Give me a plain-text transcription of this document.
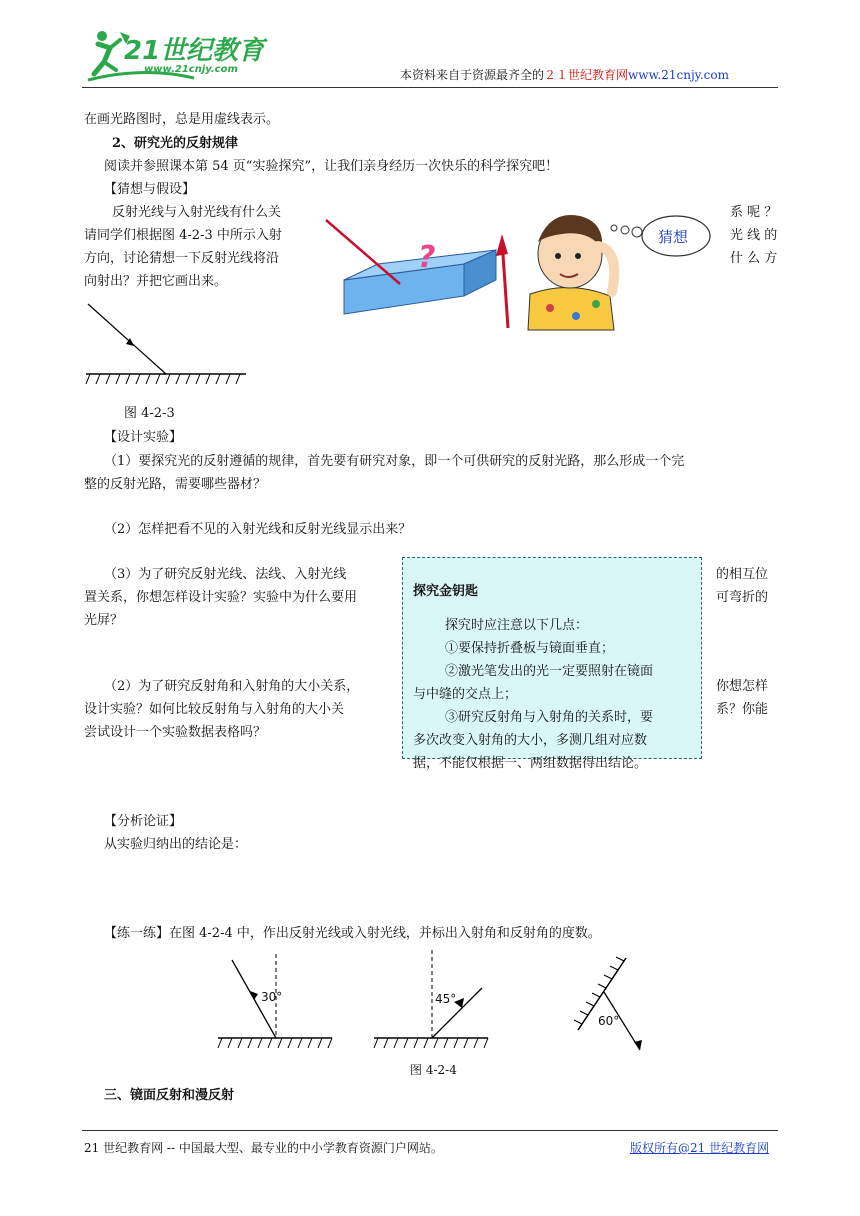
21世纪教育
www.21cnjy.com	本资料来自于资源最齐全的２１世纪教育网www.21cnjy.com
在画光路图时，总是用虚线表示。
2、研究光的反射规律
阅读并参照课本第 54 页“实验探究”，让我们亲身经历一次快乐的科学探究吧！
【猜想与假设】
反射光线与入射光线有什么关
请同学们根据图 4-2-3 中所示入射
方向，讨论猜想一下反射光线将沿
向射出？并把它画出来。
系 呢 ？
光 线 的
什 么 方
?
猜想
图 4-2-3
【设计实验】
（1）要探究光的反射遵循的规律，首先要有研究对象，即一个可供研究的反射光路，那么形成一个完
整的反射光路，需要哪些器材？
（2）怎样把看不见的入射光线和反射光线显示出来？
（3）为了研究反射光线、法线、入射光线
置关系，你想怎样设计实验？实验中为什么要用
光屏？
的相互位
可弯折的
（2）为了研究反射角和入射角的大小关系，
设计实验？如何比较反射角与入射角的大小关
尝试设计一个实验数据表格吗？
你想怎样
系？你能
探究金钥匙
探究时应注意以下几点：
①要保持折叠板与镜面垂直；
②激光笔发出的光一定要照射在镜面
与中缝的交点上；
③研究反射角与入射角的关系时，要
多次改变入射角的大小，多测几组对应数
据，不能仅根据一、两组数据得出结论。
【分析论证】
从实验归纳出的结论是：
【练一练】在图 4-2-4 中，作出反射光线或入射光线，并标出入射角和反射角的度数。
30°	45°
60°
图 4-2-4
三、镜面反射和漫反射
21 世纪教育网 -- 中国最大型、最专业的中小学教育资源门户网站。	版权所有@21 世纪教育网
